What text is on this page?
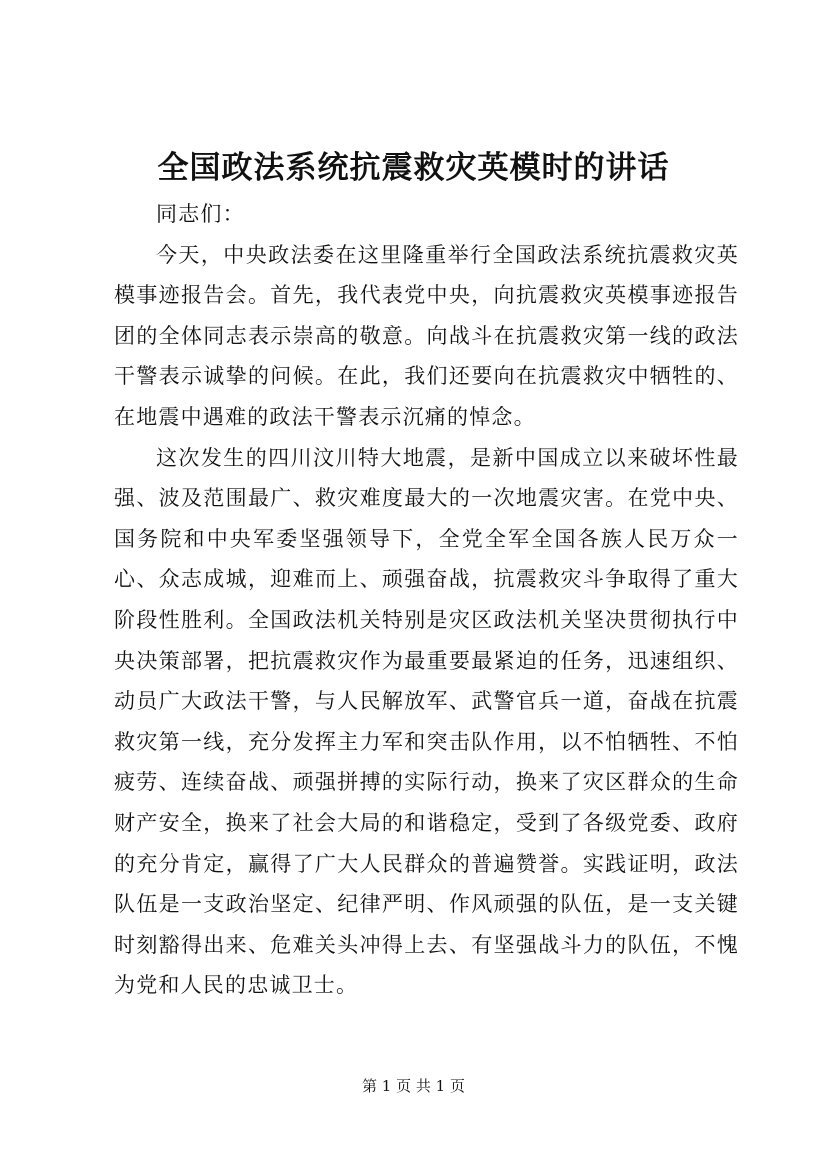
全国政法系统抗震救灾英模时的讲话

同志们：

今天，中央政法委在这里隆重举行全国政法系统抗震救灾英模事迹报告会。首先，我代表党中央，向抗震救灾英模事迹报告团的全体同志表示崇高的敬意。向战斗在抗震救灾第一线的政法干警表示诚挚的问候。在此，我们还要向在抗震救灾中牺牲的、在地震中遇难的政法干警表示沉痛的悼念。

这次发生的四川汶川特大地震，是新中国成立以来破坏性最强、波及范围最广、救灾难度最大的一次地震灾害。在党中央、国务院和中央军委坚强领导下，全党全军全国各族人民万众一心、众志成城，迎难而上、顽强奋战，抗震救灾斗争取得了重大阶段性胜利。全国政法机关特别是灾区政法机关坚决贯彻执行中央决策部署，把抗震救灾作为最重要最紧迫的任务，迅速组织、动员广大政法干警，与人民解放军、武警官兵一道，奋战在抗震救灾第一线，充分发挥主力军和突击队作用，以不怕牺牲、不怕疲劳、连续奋战、顽强拼搏的实际行动，换来了灾区群众的生命财产安全，换来了社会大局的和谐稳定，受到了各级党委、政府的充分肯定，赢得了广大人民群众的普遍赞誉。实践证明，政法队伍是一支政治坚定、纪律严明、作风顽强的队伍，是一支关键时刻豁得出来、危难关头冲得上去、有坚强战斗力的队伍，不愧为党和人民的忠诚卫士。

第 1 页 共 1 页
